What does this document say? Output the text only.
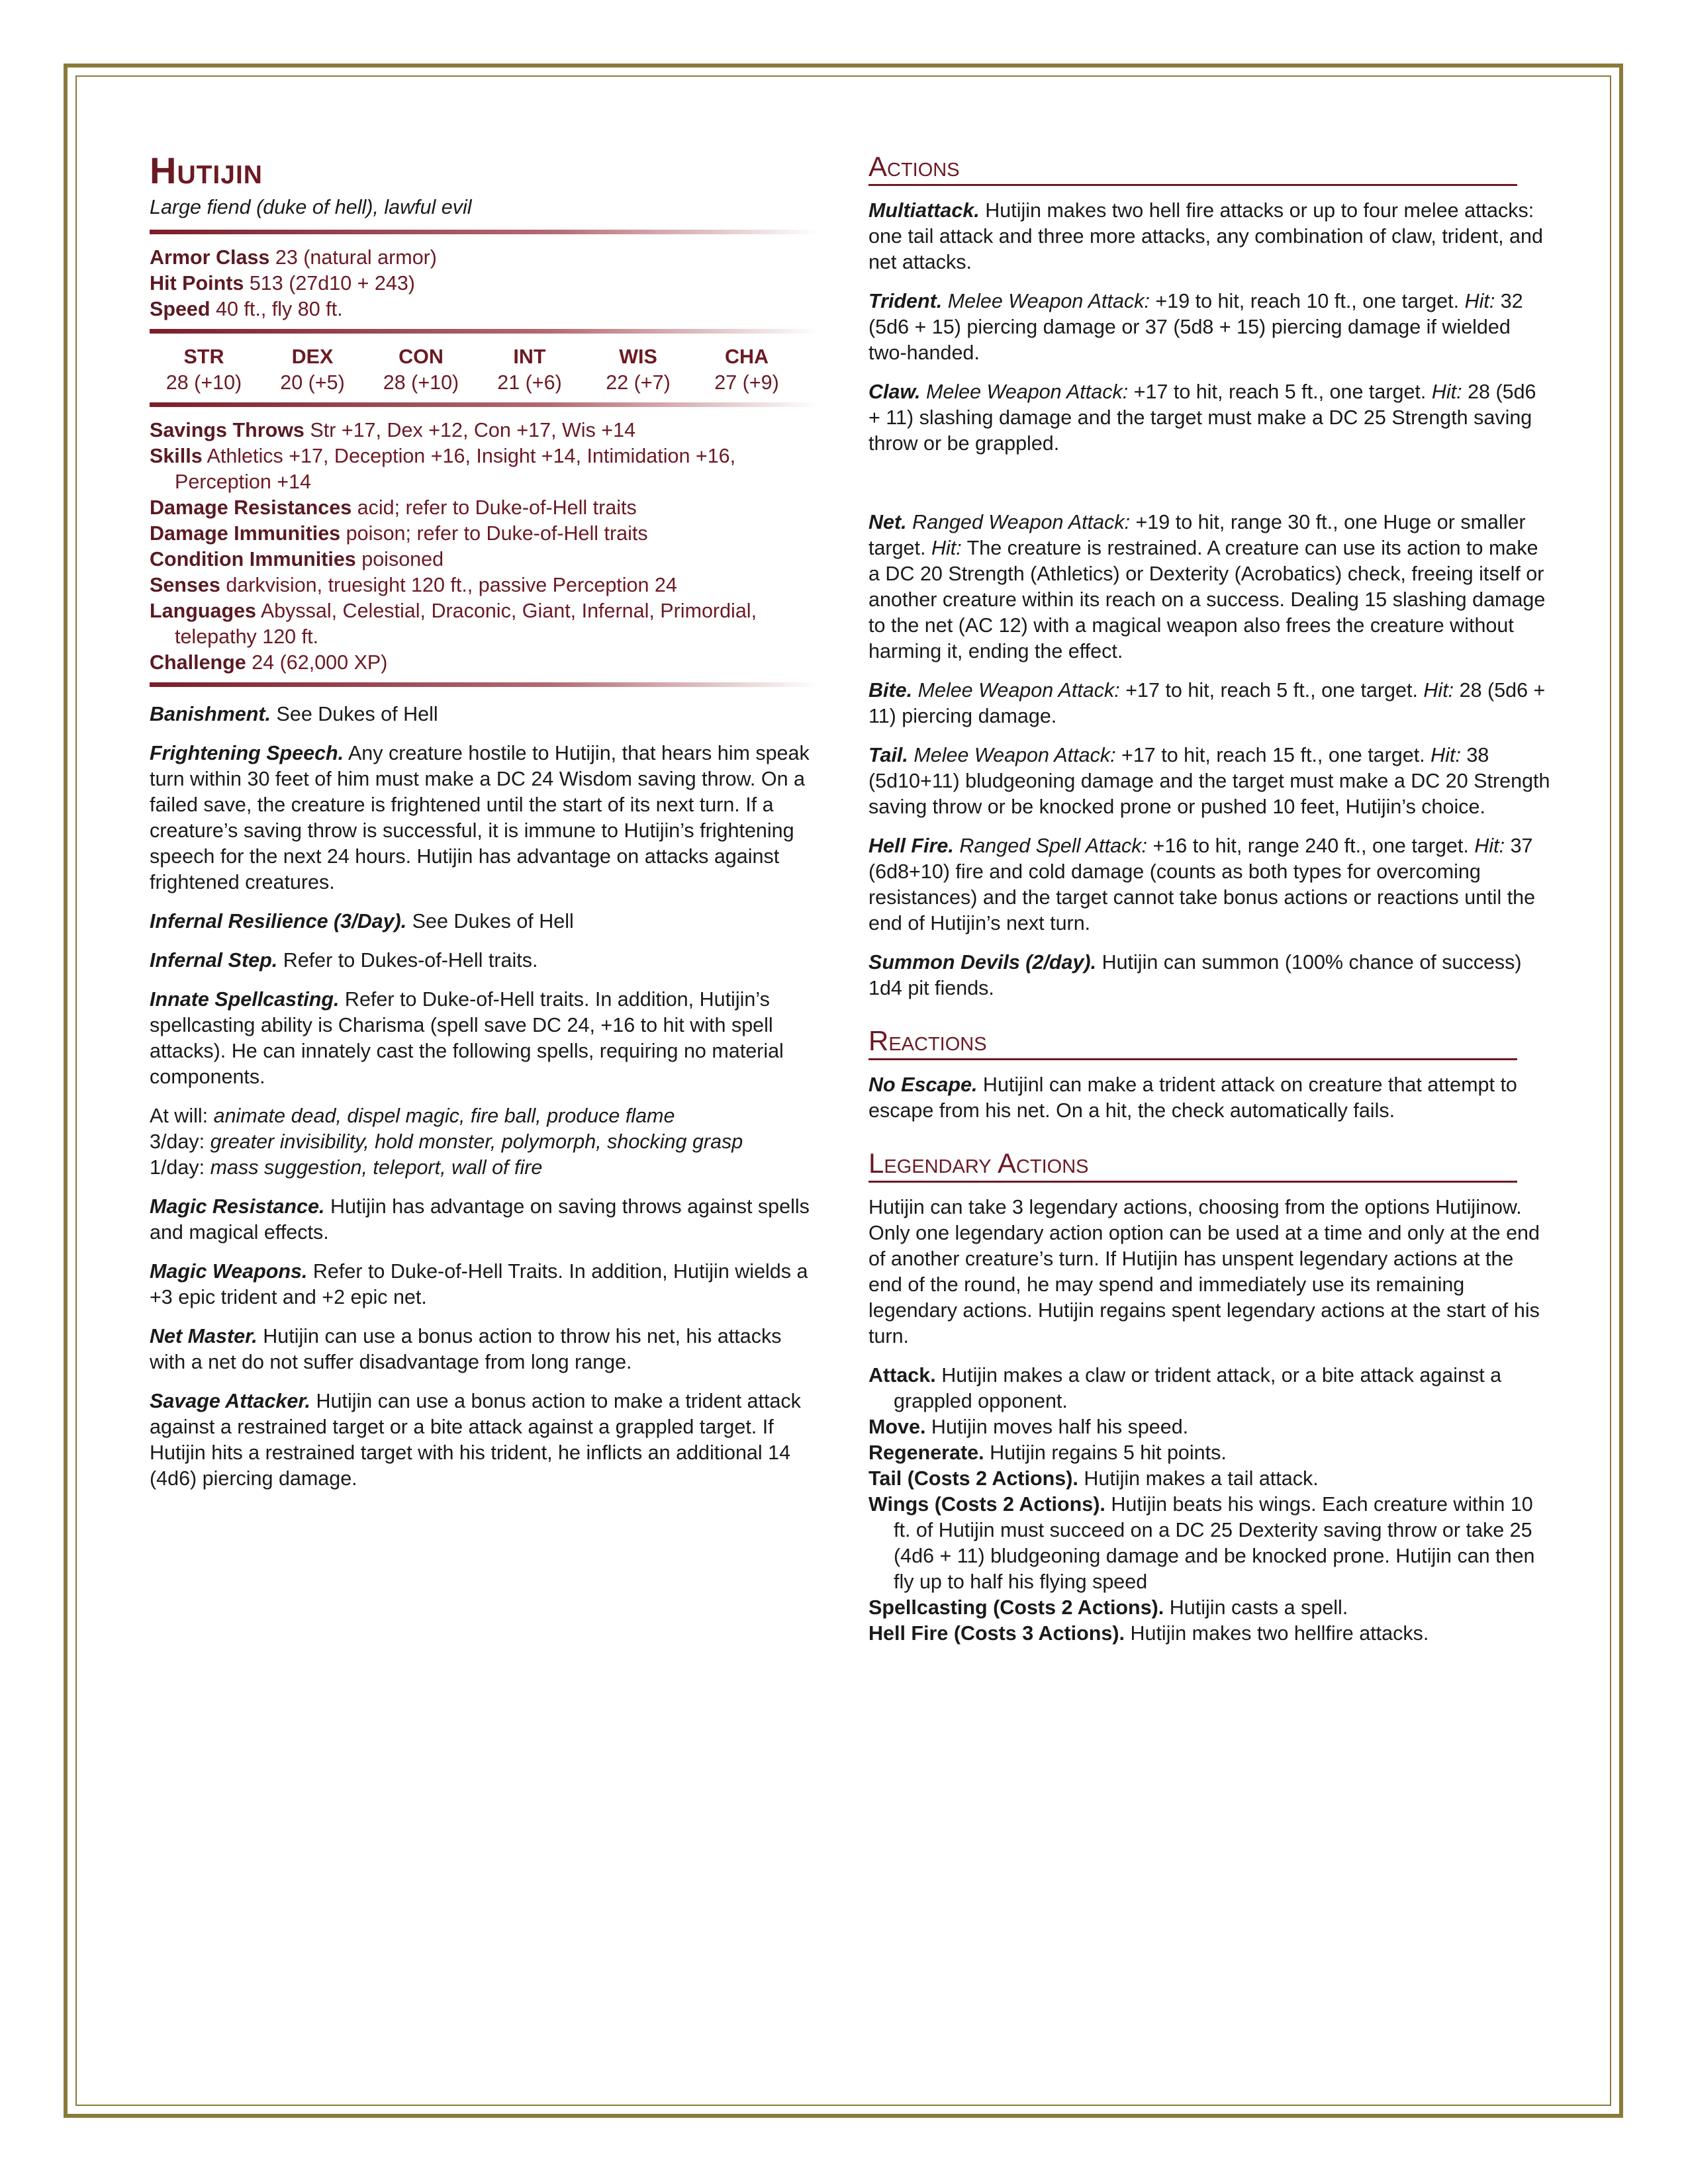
Hutijin
Large fiend (duke of hell), lawful evil

Armor Class 23 (natural armor)

Hit Points 513 (27d10 + 243)

Speed 40 ft., fly 80 ft.

STR
28 (+10)
DEX
20 (+5)
CON
28 (+10)
INT
21 (+6)
WIS
22 (+7)
CHA
27 (+9)

Savings Throws Str +17, Dex +12, Con +17, Wis +14

Skills Athletics +17, Deception +16, Insight +14, Intimidation +16, Perception +14

Damage Resistances acid; refer to Duke-of-Hell traits

Damage Immunities poison; refer to Duke-of-Hell traits

Condition Immunities poisoned

Senses darkvision, truesight 120 ft., passive Perception 24

Languages Abyssal, Celestial, Draconic, Giant, Infernal, Primordial, telepathy 120 ft.

Challenge 24 (62,000 XP)

Banishment. See Dukes of Hell

Frightening Speech. Any creature hostile to Hutijin, that hears him speak turn within 30 feet of him must make a DC 24 Wisdom saving throw. On a failed save, the creature is frightened until the start of its next turn. If a creature’s saving throw is successful, it is immune to Hutijin’s frightening speech for the next 24 hours. Hutijin has advantage on attacks against frightened creatures.

Infernal Resilience (3/Day). See Dukes of Hell

Infernal Step. Refer to Dukes-of-Hell traits.

Innate Spellcasting. Refer to Duke-of-Hell traits. In addition, Hutijin’s spellcasting ability is Charisma (spell save DC 24, +16 to hit with spell attacks). He can innately cast the following spells, requiring no material components.

At will: animate dead, dispel magic, fire ball, produce flame
3/day: greater invisibility, hold monster, polymorph, shocking grasp
1/day: mass suggestion, teleport, wall of fire

Magic Resistance. Hutijin has advantage on saving throws against spells and magical effects.

Magic Weapons. Refer to Duke-of-Hell Traits. In addition, Hutijin wields a +3 epic trident and +2 epic net.

Net Master. Hutijin can use a bonus action to throw his net, his attacks with a net do not suffer disadvantage from long range.

Savage Attacker. Hutijin can use a bonus action to make a trident attack against a restrained target or a bite attack against a grappled target. If Hutijin hits a restrained target with his trident, he inflicts an additional 14 (4d6) piercing damage.

Actions

Multiattack. Hutijin makes two hell fire attacks or up to four melee attacks: one tail attack and three more attacks, any combination of claw, trident, and net attacks.

Trident. Melee Weapon Attack: +19 to hit, reach 10 ft., one target. Hit: 32 (5d6 + 15) piercing damage or 37 (5d8 + 15) piercing damage if wielded two-handed.

Claw. Melee Weapon Attack: +17 to hit, reach 5 ft., one target. Hit: 28 (5d6 + 11) slashing damage and the target must make a DC 25 Strength saving throw or be grappled.

Net. Ranged Weapon Attack: +19 to hit, range 30 ft., one Huge or smaller target. Hit: The creature is restrained. A creature can use its action to make a DC 20 Strength (Athletics) or Dexterity (Acrobatics) check, freeing itself or another creature within its reach on a success. Dealing 15 slashing damage to the net (AC 12) with a magical weapon also frees the creature without harming it, ending the effect.

Bite. Melee Weapon Attack: +17 to hit, reach 5 ft., one target. Hit: 28 (5d6 + 11) piercing damage.

Tail. Melee Weapon Attack: +17 to hit, reach 15 ft., one target. Hit: 38 (5d10+11) bludgeoning damage and the target must make a DC 20 Strength saving throw or be knocked prone or pushed 10 feet, Hutijin’s choice.

Hell Fire. Ranged Spell Attack: +16 to hit, range 240 ft., one target. Hit: 37 (6d8+10) fire and cold damage (counts as both types for overcoming resistances) and the target cannot take bonus actions or reactions until the end of Hutijin’s next turn.

Summon Devils (2/day). Hutijin can summon (100% chance of success) 1d4 pit fiends.

Reactions

No Escape. Hutijinl can make a trident attack on creature that attempt to escape from his net. On a hit, the check automatically fails.

Legendary Actions

Hutijin can take 3 legendary actions, choosing from the options Hutijinow. Only one legendary action option can be used at a time and only at the end of another creature’s turn. If Hutijin has unspent legendary actions at the end of the round, he may spend and immediately use its remaining legendary actions. Hutijin regains spent legendary actions at the start of his turn.

Attack. Hutijin makes a claw or trident attack, or a bite attack against a grappled opponent.

Move. Hutijin moves half his speed.

Regenerate. Hutijin regains 5 hit points.

Tail (Costs 2 Actions). Hutijin makes a tail attack.

Wings (Costs 2 Actions). Hutijin beats his wings. Each creature within 10 ft. of Hutijin must succeed on a DC 25 Dexterity saving throw or take 25 (4d6 + 11) bludgeoning damage and be knocked prone. Hutijin can then fly up to half his flying speed

Spellcasting (Costs 2 Actions). Hutijin casts a spell.

Hell Fire (Costs 3 Actions). Hutijin makes two hellfire attacks.
